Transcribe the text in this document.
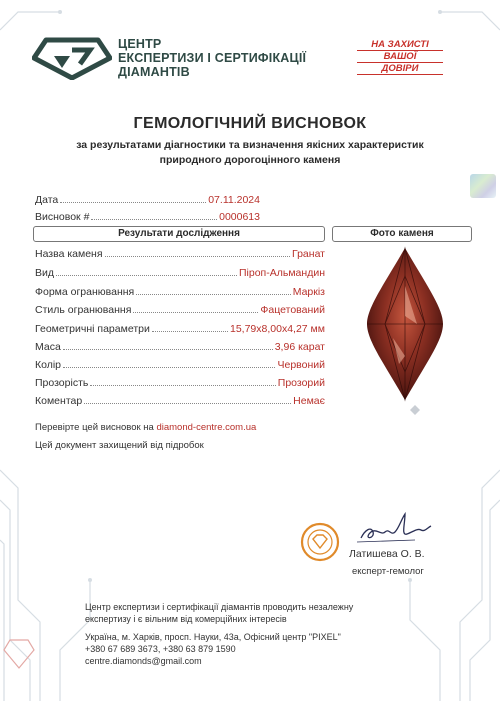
ЦЕНТР
ЕКСПЕРТИЗИ І СЕРТИФІКАЦІЇ
ДІАМАНТІВ
НА ЗАХИСТІ
ВАШОЇ
ДОВІРИ
ГЕМОЛОГІЧНИЙ ВИСНОВОК
за результатами діагностики та визначення якісних характеристик
природного дорогоцінного каменя
Дата	07.11.2024
Висновок #	0000613
Результати дослідження	Фото каменя
Назва каменя	Гранат
Вид	Піроп-Альмандин
Форма огранювання	Маркіз
Стиль огранювання	Фацетований
Геометричні параметри	15,79x8,00x4,27 мм
Маса	3,96 карат
Колір	Червоний
Прозорість	Прозорий
Коментар	Немає
Перевірте цей висновок на diamond-centre.com.ua
Цей документ захищений від підробок
Латишева О. В.
експерт-гемолог
Центр експертизи і сертифікації діамантів проводить незалежну
експертизу і є вільним від комерційних інтересів
Україна, м. Харків, просп. Науки, 43а, Офісний центр "PIXEL"
+380 67 689 3673, +380 63 879 1590
centre.diamonds@gmail.com
